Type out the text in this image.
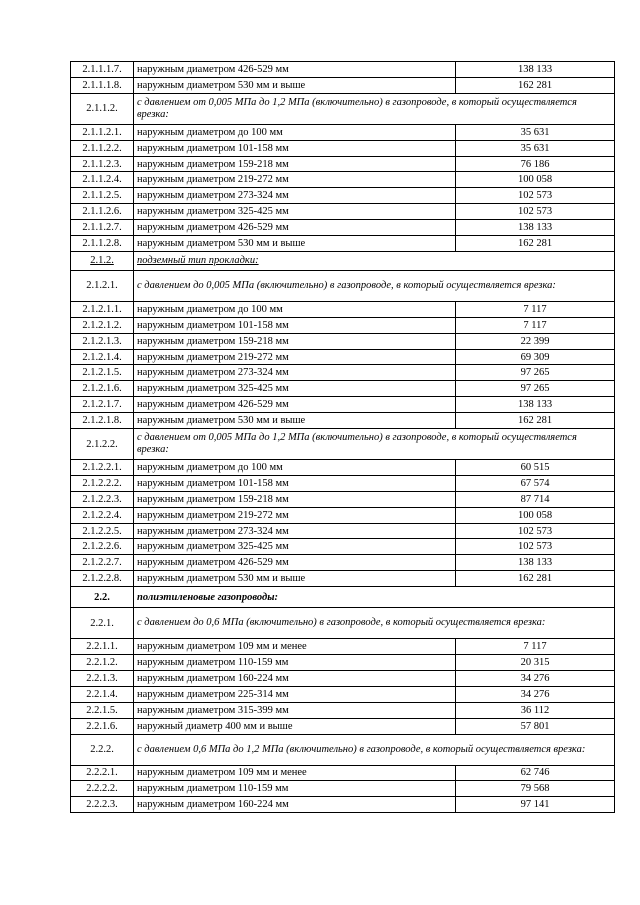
2.1.1.1.7.	наружным диаметром 426-529 мм	138 133
2.1.1.1.8.	наружным диаметром 530 мм и выше	162 281
2.1.1.2.	с давлением от 0,005 МПа до 1,2 МПа (включительно) в газопроводе, в который осуществляется врезка:	
2.1.1.2.1.	наружным диаметром до 100 мм	35 631
2.1.1.2.2.	наружным диаметром 101-158 мм	35 631
2.1.1.2.3.	наружным диаметром 159-218 мм	76 186
2.1.1.2.4.	наружным диаметром 219-272 мм	100 058
2.1.1.2.5.	наружным диаметром 273-324 мм	102 573
2.1.1.2.6.	наружным диаметром 325-425 мм	102 573
2.1.1.2.7.	наружным диаметром 426-529 мм	138 133
2.1.1.2.8.	наружным диаметром 530 мм и выше	162 281
2.1.2.	подземный тип прокладки:	
2.1.2.1.	с давлением до 0,005 МПа (включительно) в газопроводе, в который осуществляется врезка:	
2.1.2.1.1.	наружным диаметром до 100 мм	7 117
2.1.2.1.2.	наружным диаметром 101-158 мм	7 117
2.1.2.1.3.	наружным диаметром 159-218 мм	22 399
2.1.2.1.4.	наружным диаметром 219-272 мм	69 309
2.1.2.1.5.	наружным диаметром 273-324 мм	97 265
2.1.2.1.6.	наружным диаметром 325-425 мм	97 265
2.1.2.1.7.	наружным диаметром 426-529 мм	138 133
2.1.2.1.8.	наружным диаметром 530 мм и выше	162 281
2.1.2.2.	с давлением от 0,005 МПа до 1,2 МПа (включительно) в газопроводе, в который осуществляется врезка:	
2.1.2.2.1.	наружным диаметром до 100 мм	60 515
2.1.2.2.2.	наружным диаметром 101-158 мм	67 574
2.1.2.2.3.	наружным диаметром 159-218 мм	87 714
2.1.2.2.4.	наружным диаметром 219-272 мм	100 058
2.1.2.2.5.	наружным диаметром 273-324 мм	102 573
2.1.2.2.6.	наружным диаметром 325-425 мм	102 573
2.1.2.2.7.	наружным диаметром 426-529 мм	138 133
2.1.2.2.8.	наружным диаметром 530 мм и выше	162 281
2.2.	полиэтиленовые газопроводы:	
2.2.1.	с давлением до 0,6 МПа (включительно) в газопроводе, в который осуществляется врезка:	
2.2.1.1.	наружным диаметром 109 мм и менее	7 117
2.2.1.2.	наружным диаметром 110-159 мм	20 315
2.2.1.3.	наружным диаметром 160-224 мм	34 276
2.2.1.4.	наружным диаметром 225-314 мм	34 276
2.2.1.5.	наружным диаметром 315-399 мм	36 112
2.2.1.6.	наружный диаметр 400 мм и выше	57 801
2.2.2.	с давлением 0,6 МПа до 1,2 МПа (включительно) в газопроводе, в который осуществляется врезка:	
2.2.2.1.	наружным диаметром 109 мм и менее	62 746
2.2.2.2.	наружным диаметром 110-159 мм	79 568
2.2.2.3.	наружным диаметром 160-224 мм	97 141
